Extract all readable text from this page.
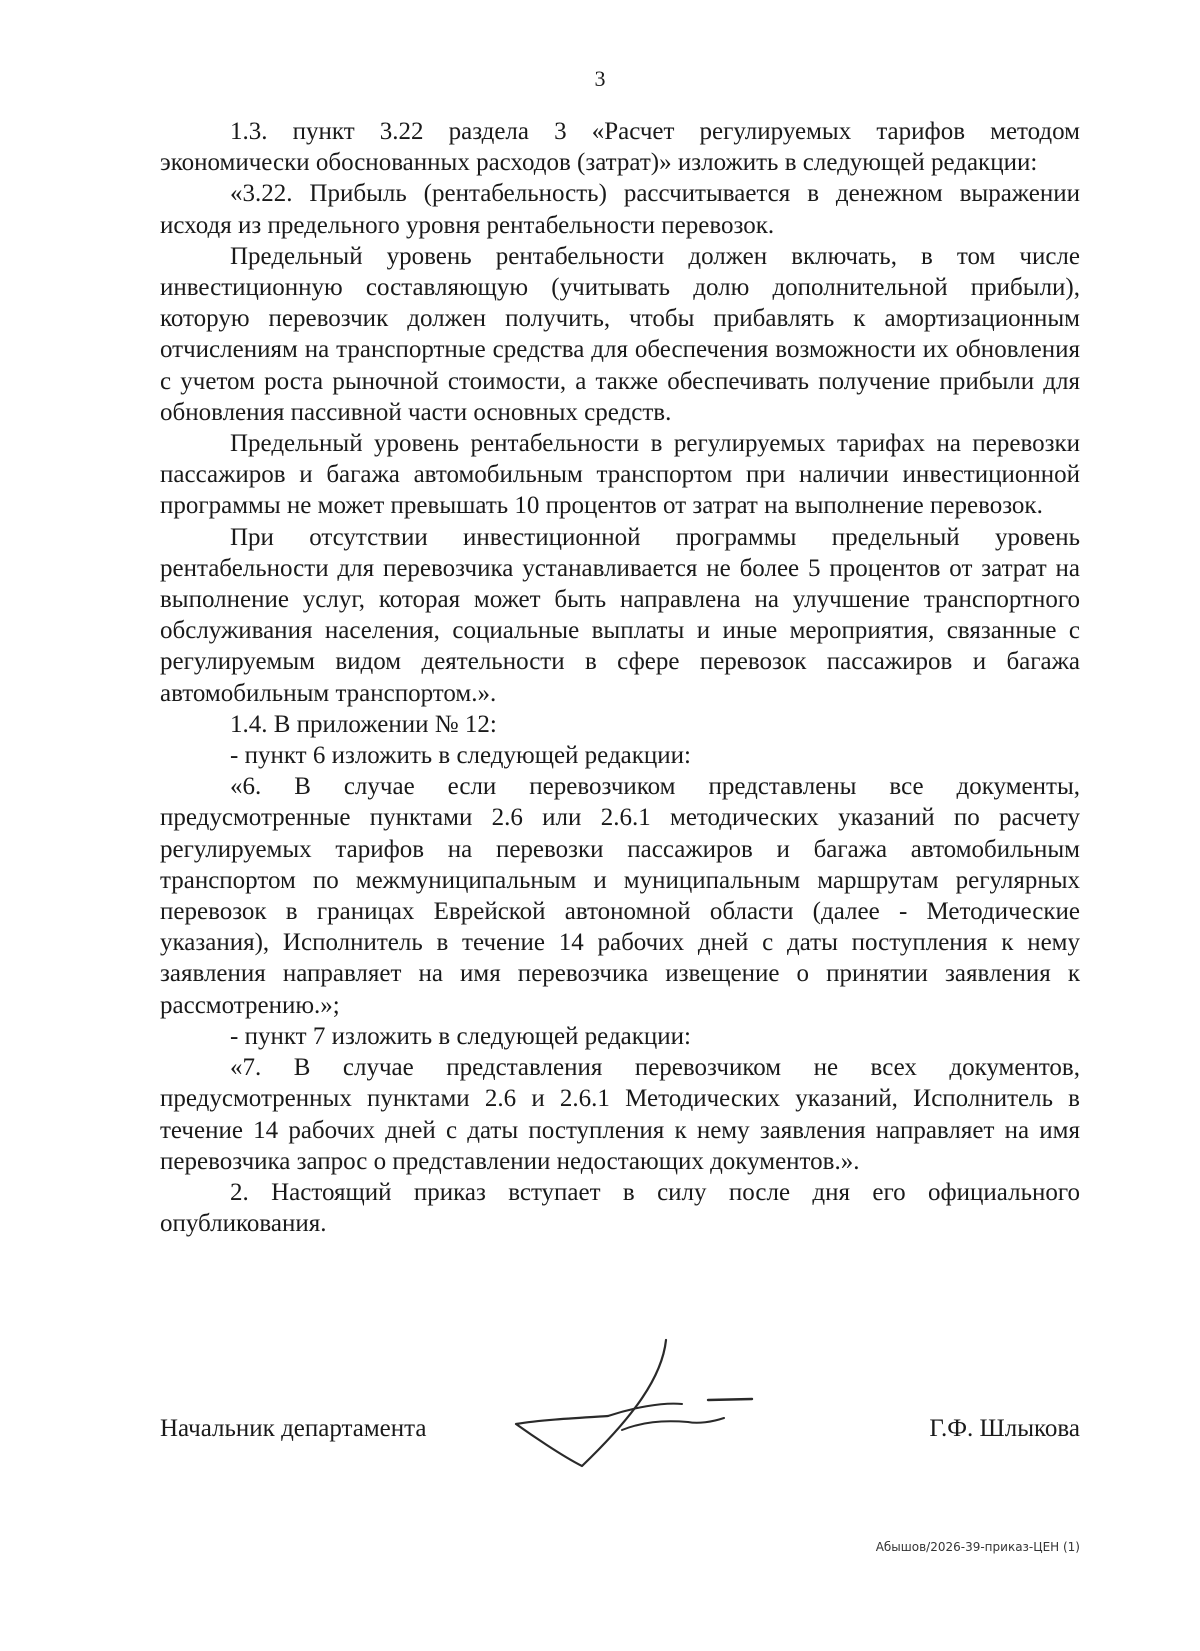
3

1.3. пункт 3.22 раздела 3 «Расчет регулируемых тарифов методом экономически обоснованных расходов (затрат)» изложить в следующей редакции:

«3.22. Прибыль (рентабельность) рассчитывается в денежном выражении исходя из предельного уровня рентабельности перевозок.

Предельный уровень рентабельности должен включать, в том числе инвестиционную составляющую (учитывать долю дополнительной прибыли), которую перевозчик должен получить, чтобы прибавлять к амортизационным отчислениям на транспортные средства для обеспечения возможности их обновления с учетом роста рыночной стоимости, а также обеспечивать получение прибыли для обновления пассивной части основных средств.

Предельный уровень рентабельности в регулируемых тарифах на перевозки пассажиров и багажа автомобильным транспортом при наличии инвестиционной программы не может превышать 10 процентов от затрат на выполнение перевозок.

При отсутствии инвестиционной программы предельный уровень рентабельности для перевозчика устанавливается не более 5 процентов от затрат на выполнение услуг, которая может быть направлена на улучшение транспортного обслуживания населения, социальные выплаты и иные мероприятия, связанные с регулируемым видом деятельности в сфере перевозок пассажиров и багажа автомобильным транспортом.».

1.4. В приложении № 12:

- пункт 6 изложить в следующей редакции:

«6. В случае если перевозчиком представлены все документы, предусмотренные пунктами 2.6 или 2.6.1 методических указаний по расчету регулируемых тарифов на перевозки пассажиров и багажа автомобильным транспортом по межмуниципальным и муниципальным маршрутам регулярных перевозок в границах Еврейской автономной области (далее - Методические указания), Исполнитель в течение 14 рабочих дней с даты поступления к нему заявления направляет на имя перевозчика извещение о принятии заявления к рассмотрению.»;

- пункт 7 изложить в следующей редакции:

«7. В случае представления перевозчиком не всех документов, предусмотренных пунктами 2.6 и 2.6.1 Методических указаний, Исполнитель в течение 14 рабочих дней с даты поступления к нему заявления направляет на имя перевозчика запрос о представлении недостающих документов.».

2. Настоящий приказ вступает в силу после дня его официального опубликования.

Начальник департамента	Г.Ф. Шлыкова
Абышов/2026-39-приказ-ЦЕН (1)
